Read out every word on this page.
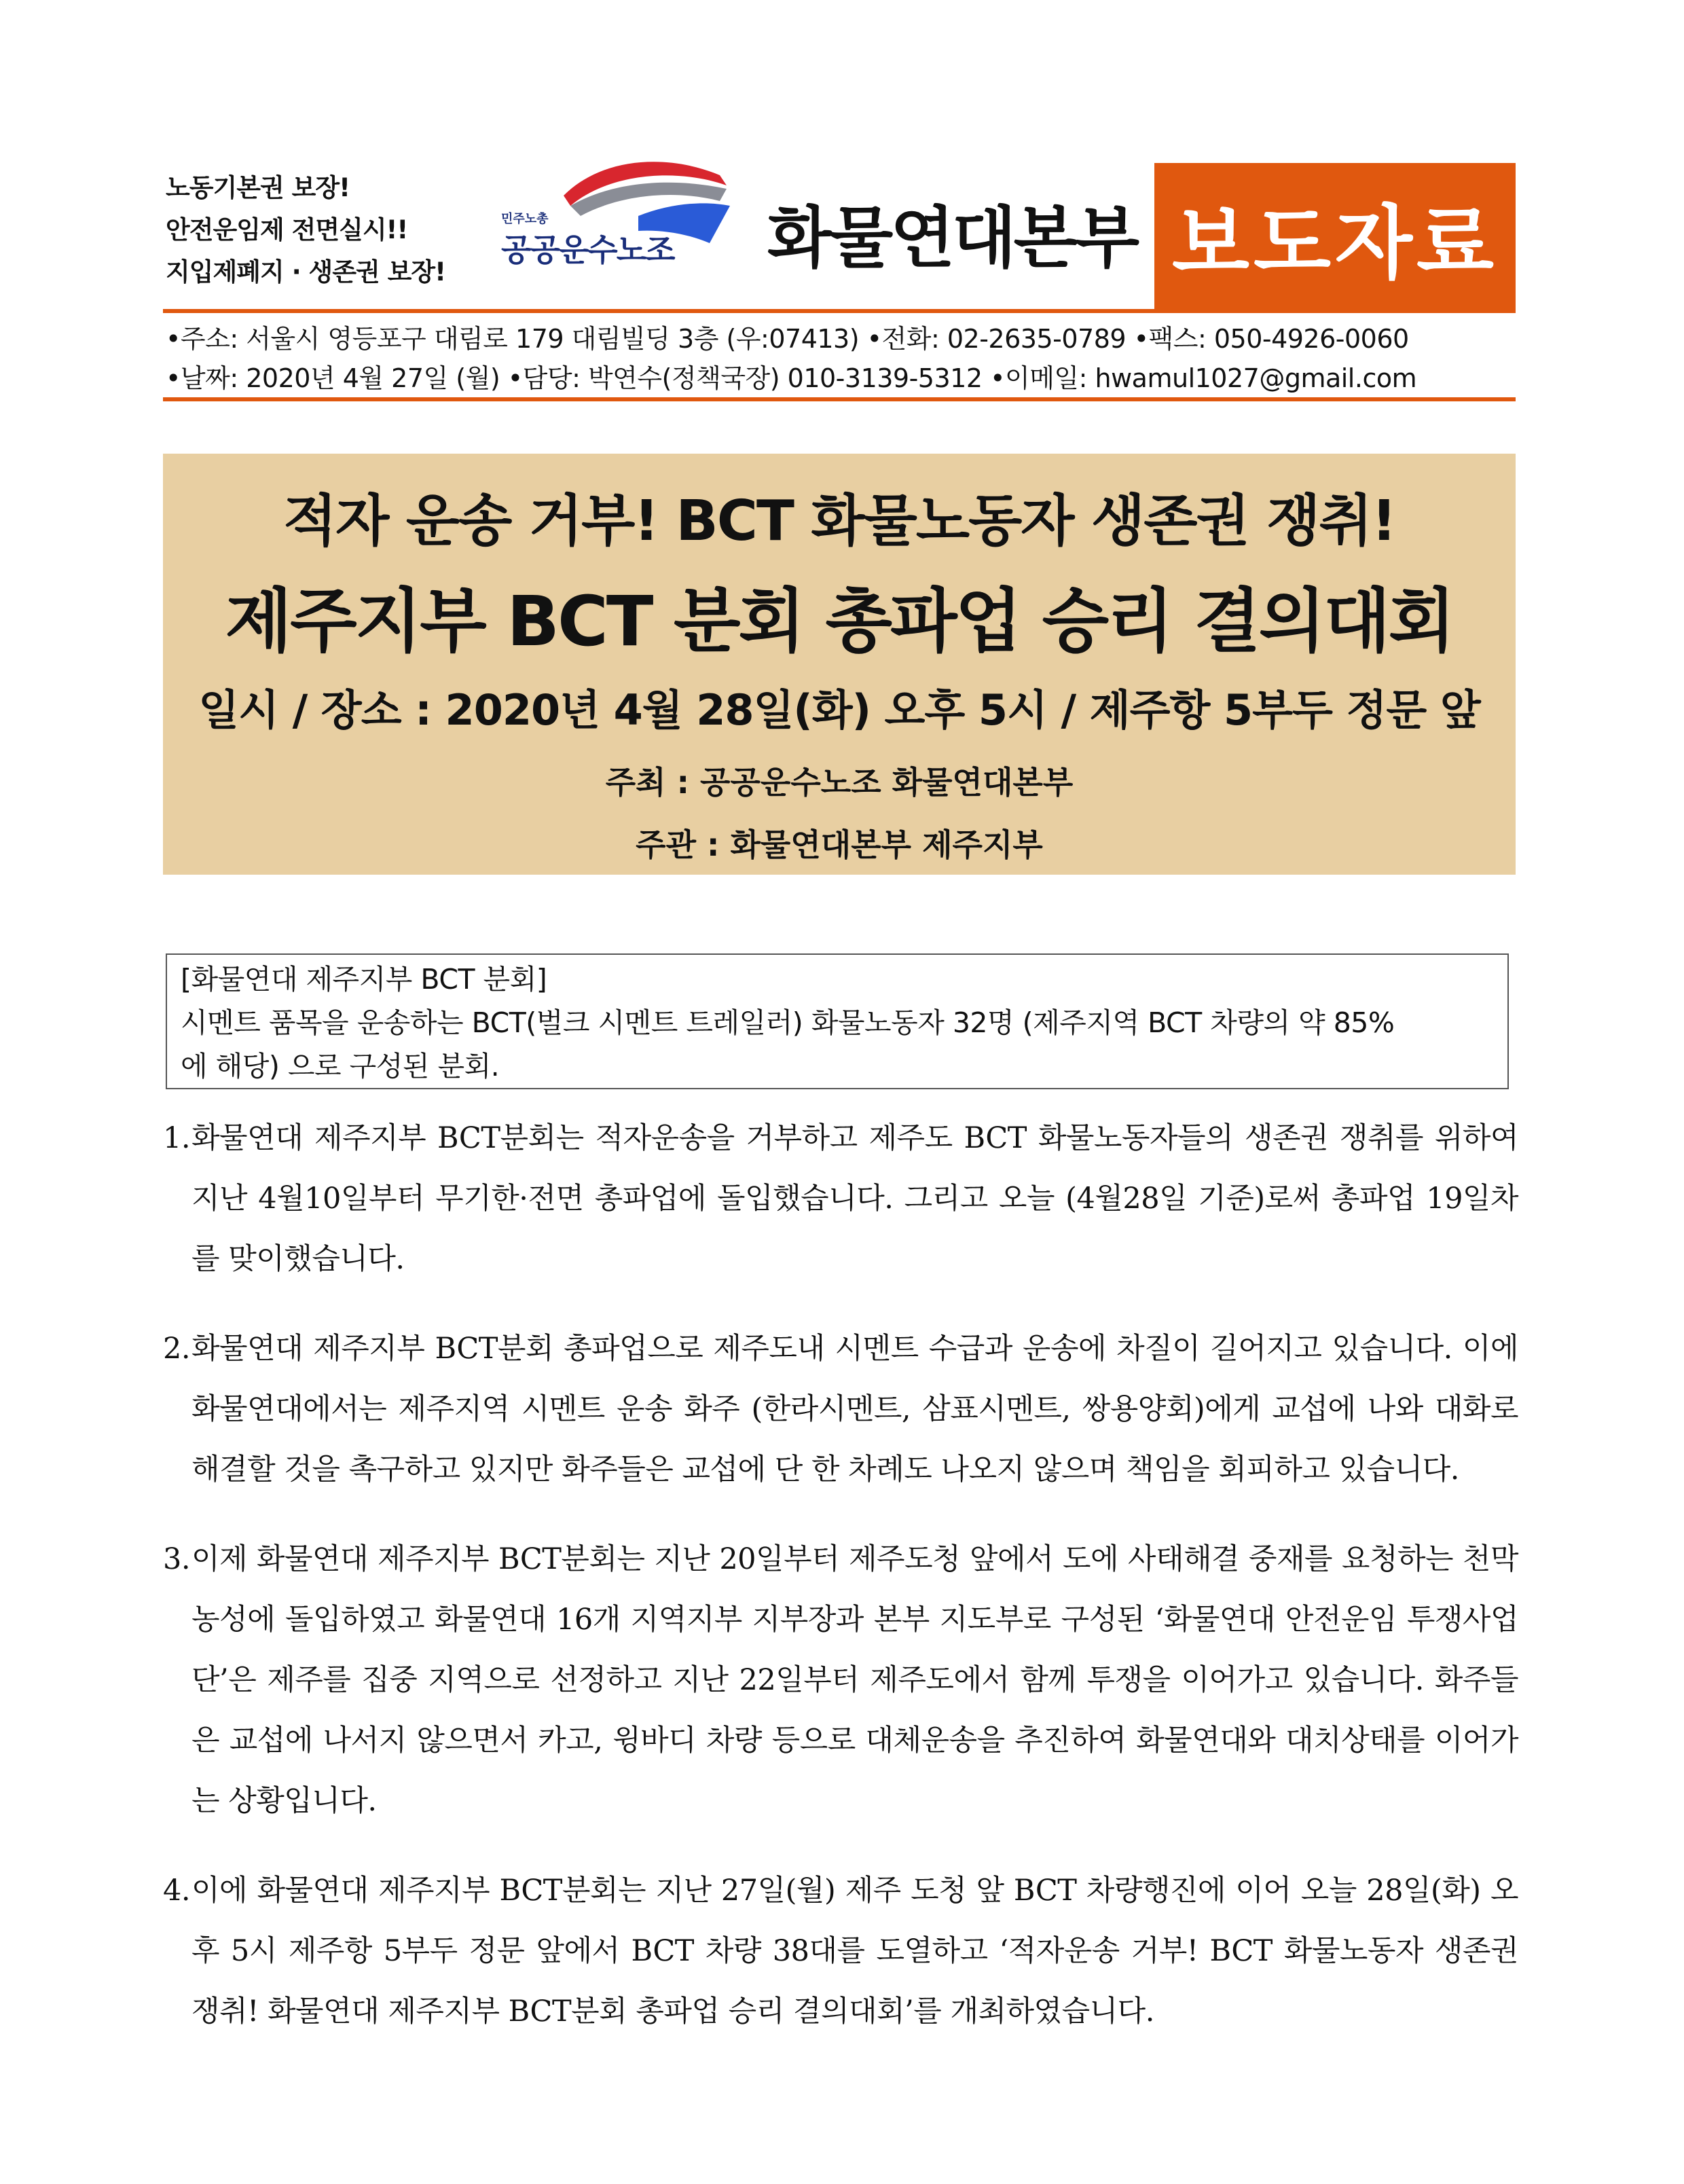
노동기본권 보장!
안전운임제 전면실시!!
지입제폐지 · 생존권 보장!
민주노총
공공운수노조 화물연대본부 보도자료
•주소: 서울시 영등포구 대림로 179 대림빌딩 3층 (우:07413) •전화: 02-2635-0789 •팩스: 050-4926-0060
•날짜: 2020년 4월 27일 (월) •담당: 박연수(정책국장) 010-3139-5312 •이메일: hwamul1027@gmail.com
적자 운송 거부! BCT 화물노동자 생존권 쟁취!
제주지부 BCT 분회 총파업 승리 결의대회
일시 / 장소 : 2020년 4월 28일(화) 오후 5시 / 제주항 5부두 정문 앞
주최 : 공공운수노조 화물연대본부
주관 : 화물연대본부 제주지부
[화물연대 제주지부 BCT 분회]
시멘트 품목을 운송하는 BCT(벌크 시멘트 트레일러) 화물노동자 32명 (제주지역 BCT 차량의 약 85%
에 해당) 으로 구성된 분회.
1. 화물연대 제주지부 BCT분회는 적자운송을 거부하고 제주도 BCT 화물노동자들의 생존권 쟁취를 위하여 지난 4월10일부터 무기한·전면 총파업에 돌입했습니다. 그리고 오늘 (4월28일 기준)로써 총파업 19일차를 맞이했습니다.
2. 화물연대 제주지부 BCT분회 총파업으로 제주도내 시멘트 수급과 운송에 차질이 길어지고 있습니다. 이에 화물연대에서는 제주지역 시멘트 운송 화주 (한라시멘트, 삼표시멘트, 쌍용양회)에게 교섭에 나와 대화로 해결할 것을 촉구하고 있지만 화주들은 교섭에 단 한 차례도 나오지 않으며 책임을 회피하고 있습니다.
3. 이제 화물연대 제주지부 BCT분회는 지난 20일부터 제주도청 앞에서 도에 사태해결 중재를 요청하는 천막농성에 돌입하였고 화물연대 16개 지역지부 지부장과 본부 지도부로 구성된 ‘화물연대 안전운임 투쟁사업단’은 제주를 집중 지역으로 선정하고 지난 22일부터 제주도에서 함께 투쟁을 이어가고 있습니다. 화주들은 교섭에 나서지 않으면서 카고, 윙바디 차량 등으로 대체운송을 추진하여 화물연대와 대치상태를 이어가는 상황입니다.
4. 이에 화물연대 제주지부 BCT분회는 지난 27일(월) 제주 도청 앞 BCT 차량행진에 이어 오늘 28일(화) 오후 5시 제주항 5부두 정문 앞에서 BCT 차량 38대를 도열하고 ‘적자운송 거부! BCT 화물노동자 생존권 쟁취! 화물연대 제주지부 BCT분회 총파업 승리 결의대회’를 개최하였습니다.
